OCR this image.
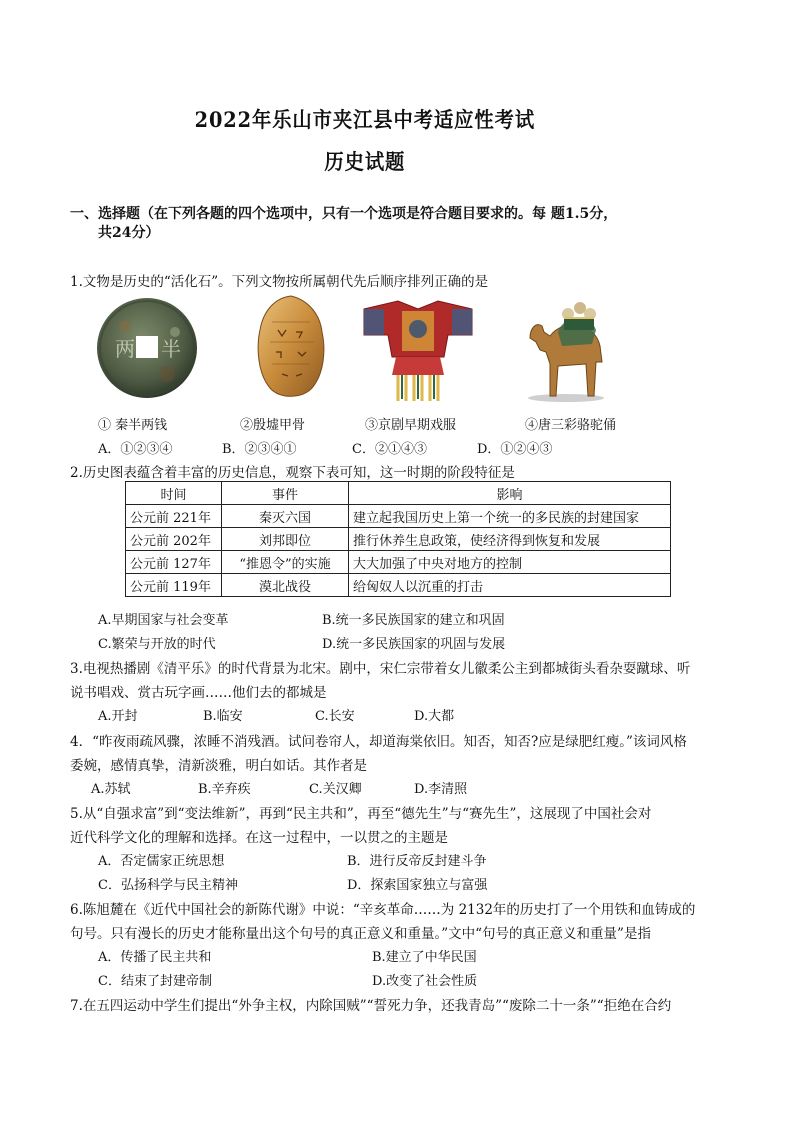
2022年乐山市夹江县中考适应性考试
历史试题
一、选择题（在下列各题的四个选项中，只有一个选项是符合题目要求的。每 题1.5分，
共24分）
1.文物是历史的“活化石”。下列文物按所属朝代先后顺序排列正确的是
两 半
① 秦半两钱	②殷墟甲骨	③京剧早期戏服	④唐三彩骆驼俑
A．①②③④	B．②③④①	C．②①④③	D．①②④③
2.历史图表蕴含着丰富的历史信息，观察下表可知，这一时期的阶段特征是
时间	事件	影响
公元前 221年	秦灭六国	建立起我国历史上第一个统一的多民族的封建国家
公元前 202年	刘邦即位	推行休养生息政策，使经济得到恢复和发展
公元前 127年	“推恩令”的实施	大大加强了中央对地方的控制
公元前 119年	漠北战役	给匈奴人以沉重的打击
A.早期国家与社会变革	B.统一多民族国家的建立和巩固
C.繁荣与开放的时代	D.统一多民族国家的巩固与发展
3.电视热播剧《清平乐》的时代背景为北宋。剧中，宋仁宗带着女儿徽柔公主到都城街头看杂耍蹴球、听
说书唱戏、赏古玩字画……他们去的都城是
A.开封	B.临安	C.长安	D.大都
4．“昨夜雨疏风骤，浓睡不消残酒。试问卷帘人，却道海棠依旧。知否，知否?应是绿肥红瘦。”该词风格
委婉，感情真挚，清新淡雅，明白如话。其作者是
A.苏轼	B.辛弃疾	C.关汉卿	D.李清照
5.从“自强求富”到“变法维新”，再到“民主共和”，再至“德先生”与“赛先生”，这展现了中国社会对
近代科学文化的理解和选择。在这一过程中，一以贯之的主题是
A．否定儒家正统思想	B．进行反帝反封建斗争
C．弘扬科学与民主精神	D．探索国家独立与富强
6.陈旭麓在《近代中国社会的新陈代谢》中说：“辛亥革命……为 2132年的历史打了一个用铁和血铸成的
句号。只有漫长的历史才能称量出这个句号的真正意义和重量。”文中“句号的真正意义和重量”是指
A．传播了民主共和	B.建立了中华民国
C．结束了封建帝制	D.改变了社会性质
7.在五四运动中学生们提出“外争主权，内除国贼”“誓死力争，还我青岛”“废除二十一条”“拒绝在合约
